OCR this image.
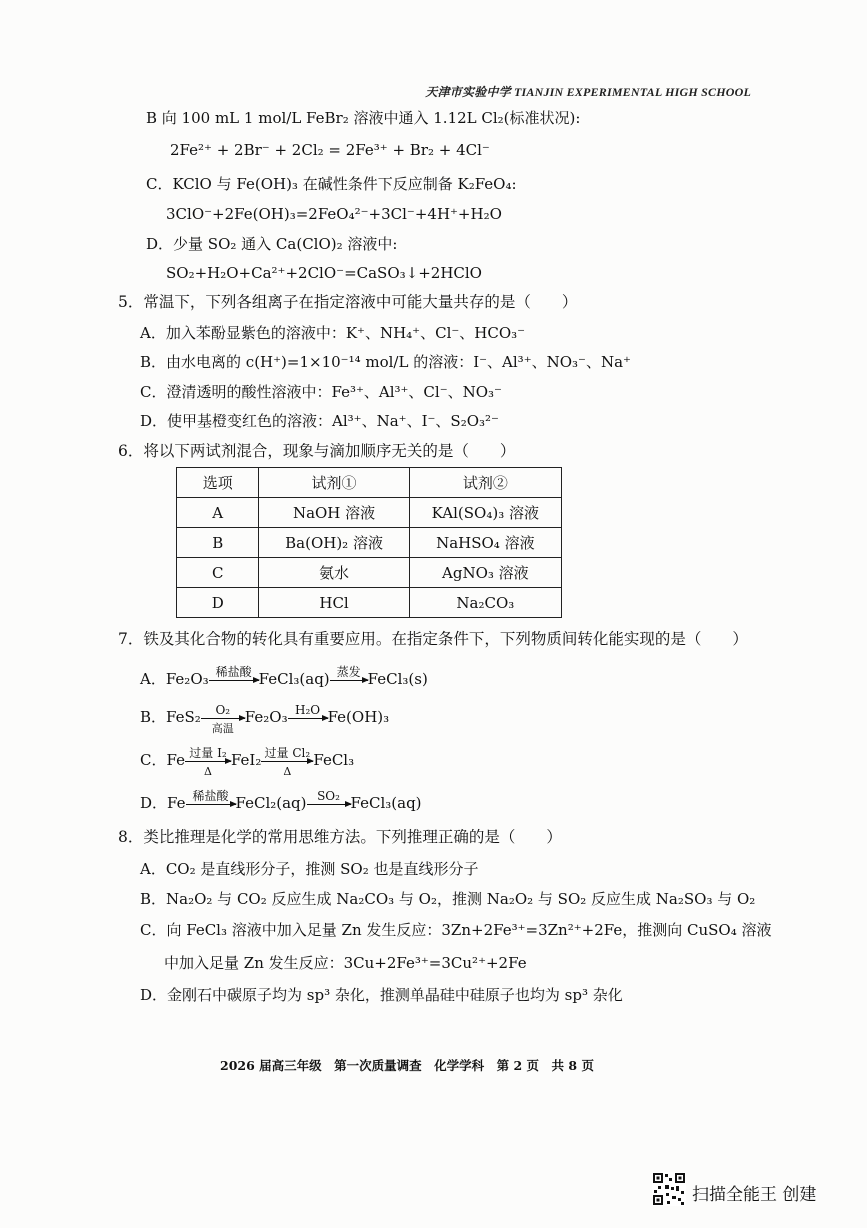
天津市实验中学 TIANJIN EXPERIMENTAL HIGH SCHOOL
B 向 100 mL 1 mol/L FeBr₂ 溶液中通入 1.12L Cl₂(标准状况):
2Fe²⁺ + 2Br⁻ + 2Cl₂ = 2Fe³⁺ + Br₂ + 4Cl⁻
C．KClO 与 Fe(OH)₃ 在碱性条件下反应制备 K₂FeO₄:
3ClO⁻+2Fe(OH)₃=2FeO₄²⁻+3Cl⁻+4H⁺+H₂O
D．少量 SO₂ 通入 Ca(ClO)₂ 溶液中:
SO₂+H₂O+Ca²⁺+2ClO⁻=CaSO₃↓+2HClO
5．常温下，下列各组离子在指定溶液中可能大量共存的是（　　）
A．加入苯酚显紫色的溶液中：K⁺、NH₄⁺、Cl⁻、HCO₃⁻
B．由水电离的 c(H⁺)=1×10⁻¹⁴ mol/L 的溶液：I⁻、Al³⁺、NO₃⁻、Na⁺
C．澄清透明的酸性溶液中：Fe³⁺、Al³⁺、Cl⁻、NO₃⁻
D．使甲基橙变红色的溶液：Al³⁺、Na⁺、I⁻、S₂O₃²⁻
6．将以下两试剂混合，现象与滴加顺序无关的是（　　）
选项	试剂①	试剂②
A	NaOH 溶液	KAl(SO₄)₃ 溶液
B	Ba(OH)₂ 溶液	NaHSO₄ 溶液
C	氨水	AgNO₃ 溶液
D	HCl	Na₂CO₃
7．铁及其化合物的转化具有重要应用。在指定条件下，下列物质间转化能实现的是（　　）
A．Fe₂O₃ 稀盐酸 FeCl₃(aq) 蒸发 FeCl₃(s)
B．FeS₂	O₂
高温
Fe₂O₃ H₂O Fe(OH)₃
C．Fe 过量 I₂
Δ
FeI₂ 过量 Cl₂
Δ
FeCl₃
D．Fe 稀盐酸 FeCl₂(aq) SO₂ FeCl₃(aq)
8．类比推理是化学的常用思维方法。下列推理正确的是（　　）
A．CO₂ 是直线形分子，推测 SO₂ 也是直线形分子
B．Na₂O₂ 与 CO₂ 反应生成 Na₂CO₃ 与 O₂，推测 Na₂O₂ 与 SO₂ 反应生成 Na₂SO₃ 与 O₂
C．向 FeCl₃ 溶液中加入足量 Zn 发生反应：3Zn+2Fe³⁺=3Zn²⁺+2Fe，推测向 CuSO₄ 溶液
中加入足量 Zn 发生反应：3Cu+2Fe³⁺=3Cu²⁺+2Fe
D．金刚石中碳原子均为 sp³ 杂化，推测单晶硅中硅原子也均为 sp³ 杂化
2026 届高三年级　第一次质量调查　化学学科　第 2 页　共 8 页
扫描全能王 创建
